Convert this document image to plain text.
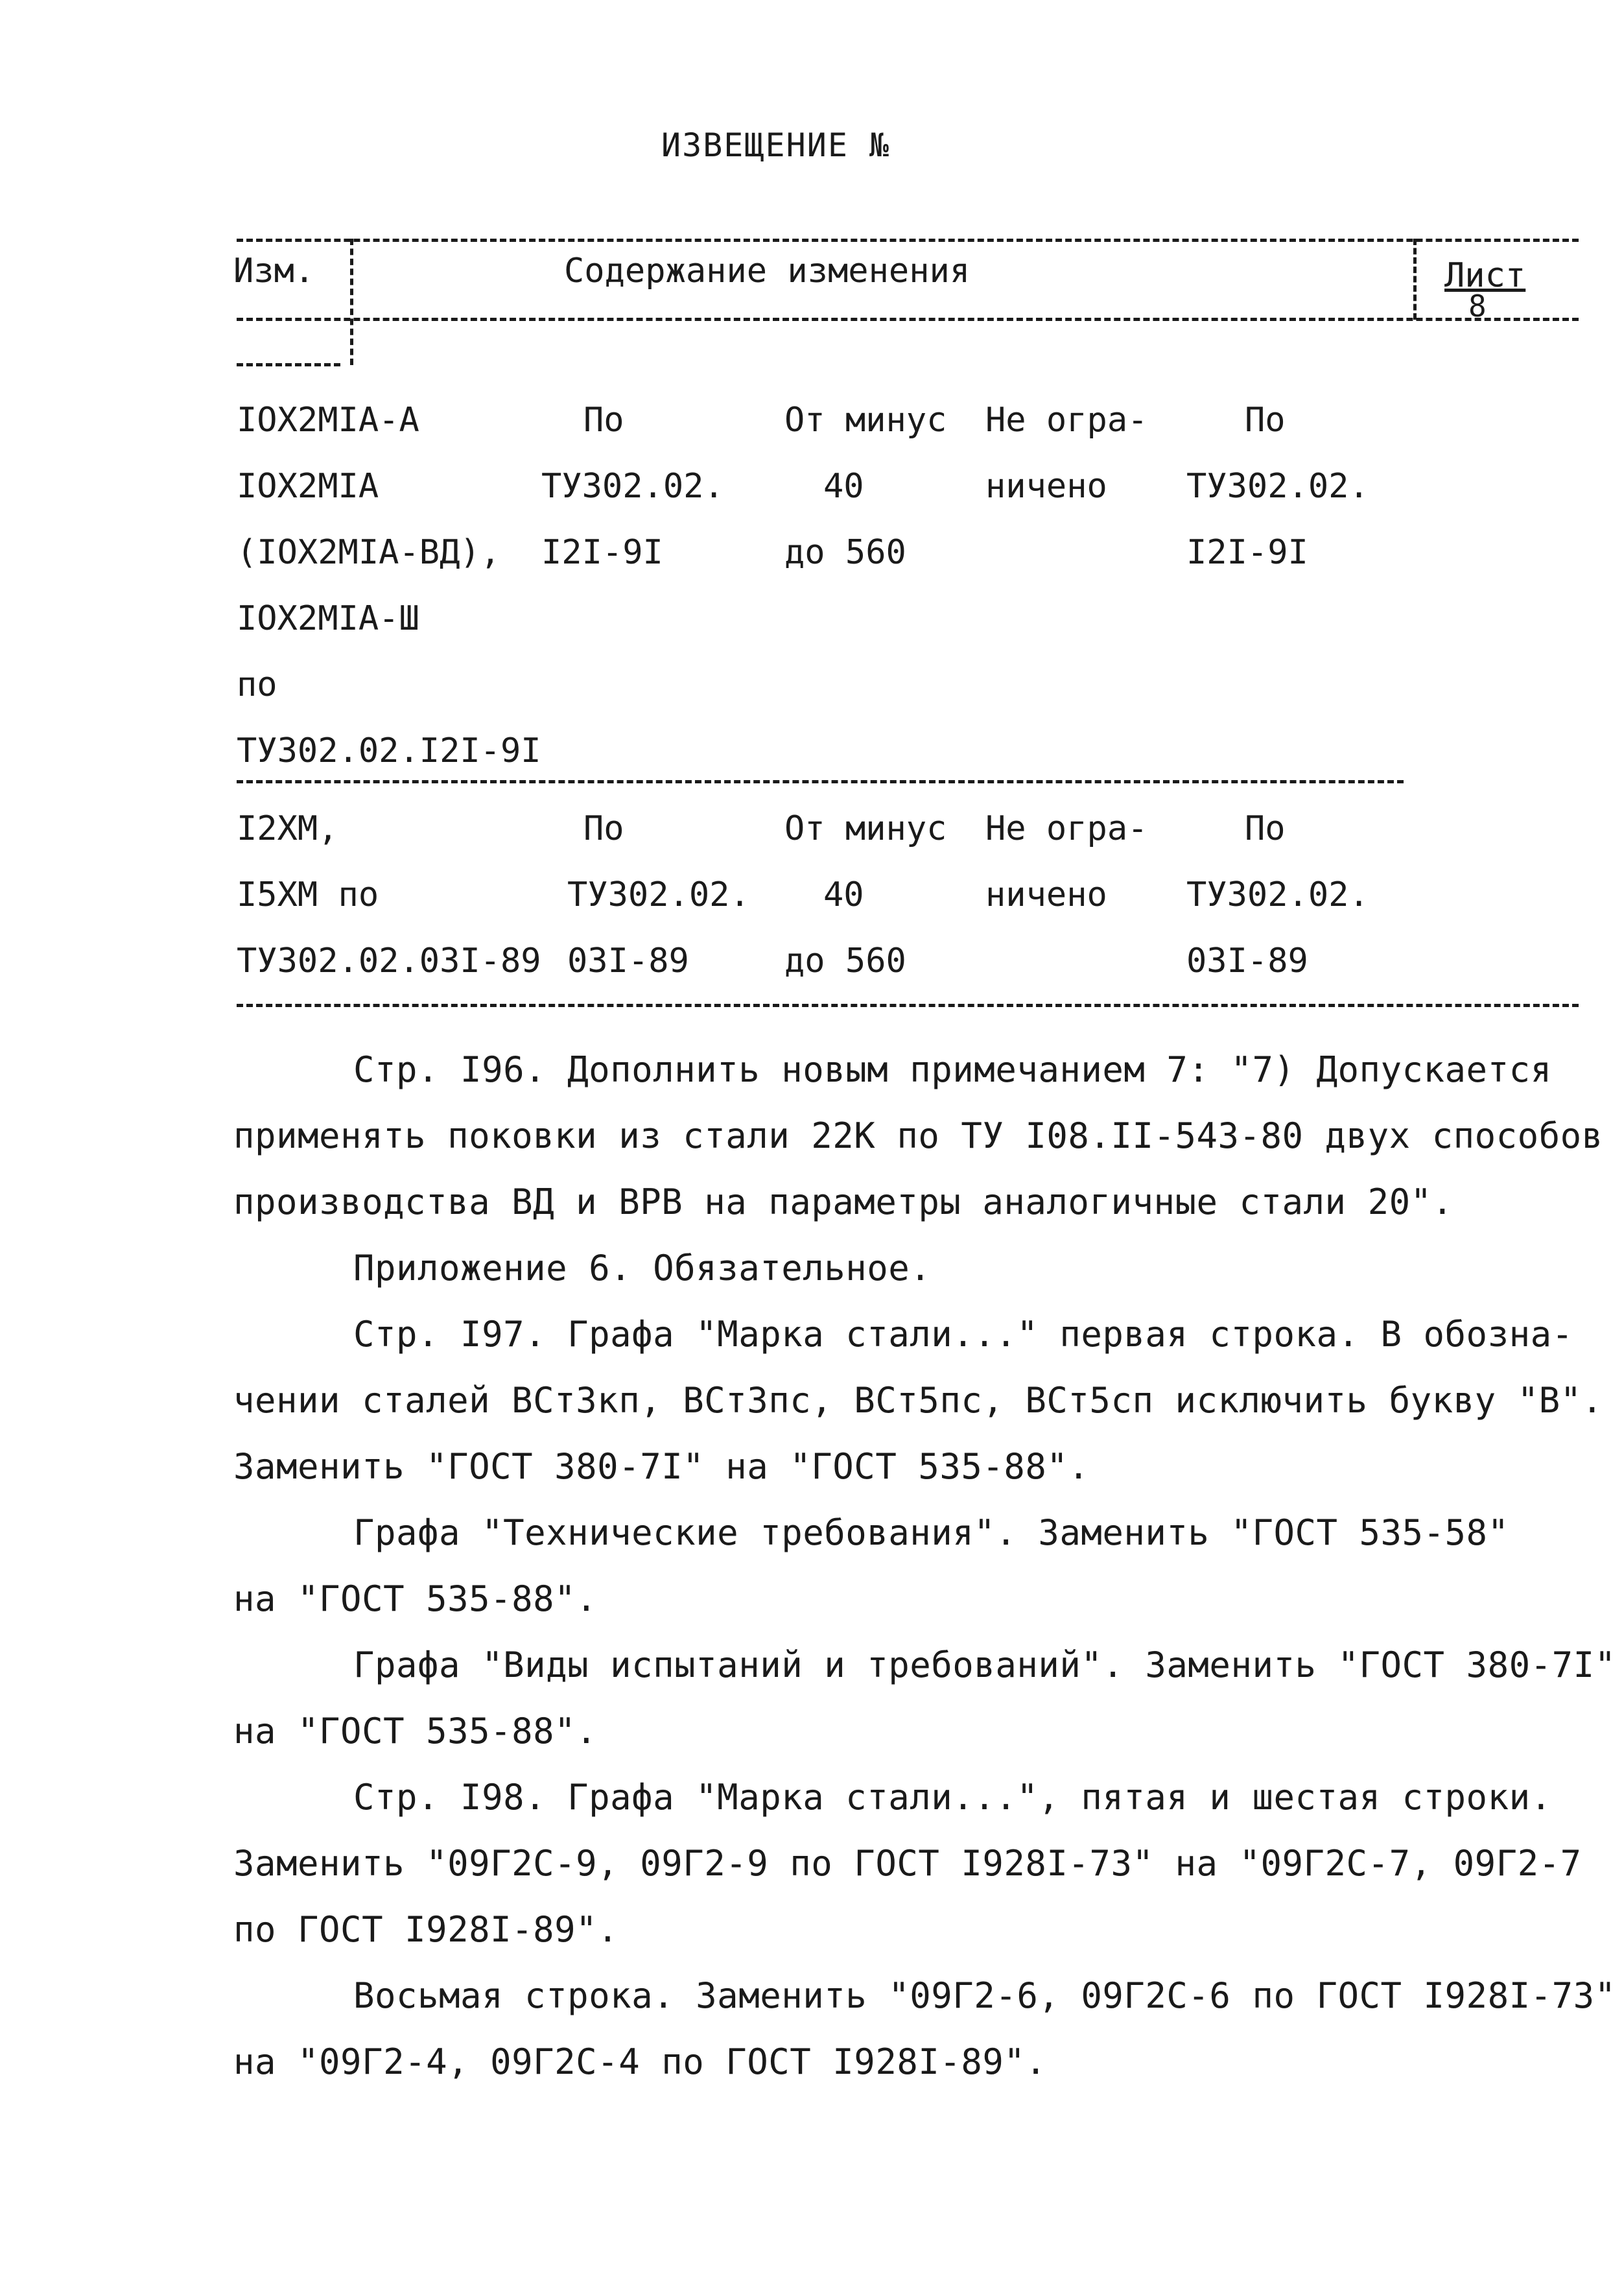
ИЗВЕЩЕНИЕ №
Изм.	Содержание изменения	Лист
8
IOX2MIA-A
IOX2MIA
(IOX2MIA-ВД),
IOX2MIA-Ш
по
ТУ302.02.I2I-9I
По
ТУ302.02.
I2I-9I
От минус
40
до 560
Не огра-
ничено
По
ТУ302.02.
I2I-9I
I2XM,
I5XM по
ТУ302.02.03I-89
По
ТУ302.02.
03I-89
От минус
40
до 560
Не огра-
ничено
По
ТУ302.02.
03I-89
Стр. I96. Дополнить новым примечанием 7: "7) Допускается
применять поковки из стали 22К по ТУ I08.II-543-80 двух способов
производства ВД и ВРВ на параметры аналогичные стали 20".
Приложение 6. Обязательное.
Стр. I97. Графа "Марка стали..." первая строка. В обозна-
чении сталей ВСт3кп, ВСт3пс, ВСт5пс, ВСт5сп исключить букву "В".
Заменить "ГОСТ 380-7I" на "ГОСТ 535-88".
Графа "Технические требования". Заменить "ГОСТ 535-58"
на "ГОСТ 535-88".
Графа "Виды испытаний и требований". Заменить "ГОСТ 380-7I"
на "ГОСТ 535-88".
Стр. I98. Графа "Марка стали...", пятая и шестая строки.
Заменить "09Г2С-9, 09Г2-9 по ГОСТ I928I-73" на "09Г2С-7, 09Г2-7
по ГОСТ I928I-89".
Восьмая строка. Заменить "09Г2-6, 09Г2С-6 по ГОСТ I928I-73"
на "09Г2-4, 09Г2С-4 по ГОСТ I928I-89".
